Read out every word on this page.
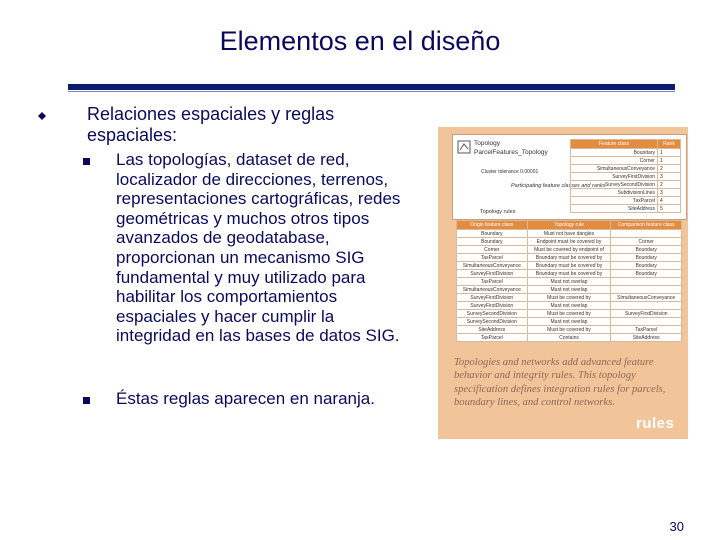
Elementos en el diseño
Relaciones espaciales y reglas espaciales:
Las topologías, dataset de red, localizador de direcciones, terrenos, representaciones cartográficas, redes geométricas y muchos otros tipos avanzados de geodatabase, proporcionan un mecanismo SIG fundamental y muy utilizado para habilitar los comportamientos espaciales y hacer cumplir la integridad en las bases de datos SIG.
Éstas reglas aparecen en naranja.
Topology
ParcelFeatures_Topology
Cluster tolerance 0.00001
Participating feature classes and ranks
Feature class	Rank
Boundary	1
Corner	1
SimultaneousConveyance	2
SurveyFirstDivision	3
SurveySecondDivision	2
SubdivisionLines	3
TaxParcel	4
SiteAddress	5
Topology rules
Origin feature class	Topology rule	Comparison feature class
Boundary	Must not have dangles	
Boundary	Endpoint must be covered by	Corner
Corner	Must be covered by endpoint of	Boundary
TaxParcel	Boundary must be covered by	Boundary
SimultaneousConveyance	Boundary must be covered by	Boundary
SurveyFirstDivision	Boundary must be covered by	Boundary
TaxParcel	Must not overlap	
SimultaneousConveyance	Must not overlap	
SurveyFirstDivision	Must be covered by	SimultaneousConveyance
SurveyFirstDivision	Must not overlap	
SurveySecondDivision	Must be covered by	SurveyFirstDivision
SurveySecondDivision	Must not overlap	
SiteAddress	Must be covered by	TaxParcel
TaxParcel	Contains	SiteAddress
Topologies and networks add advanced feature behavior and integrity rules. This topology specification defines integration rules for parcels, boundary lines, and control networks.
rules
30
